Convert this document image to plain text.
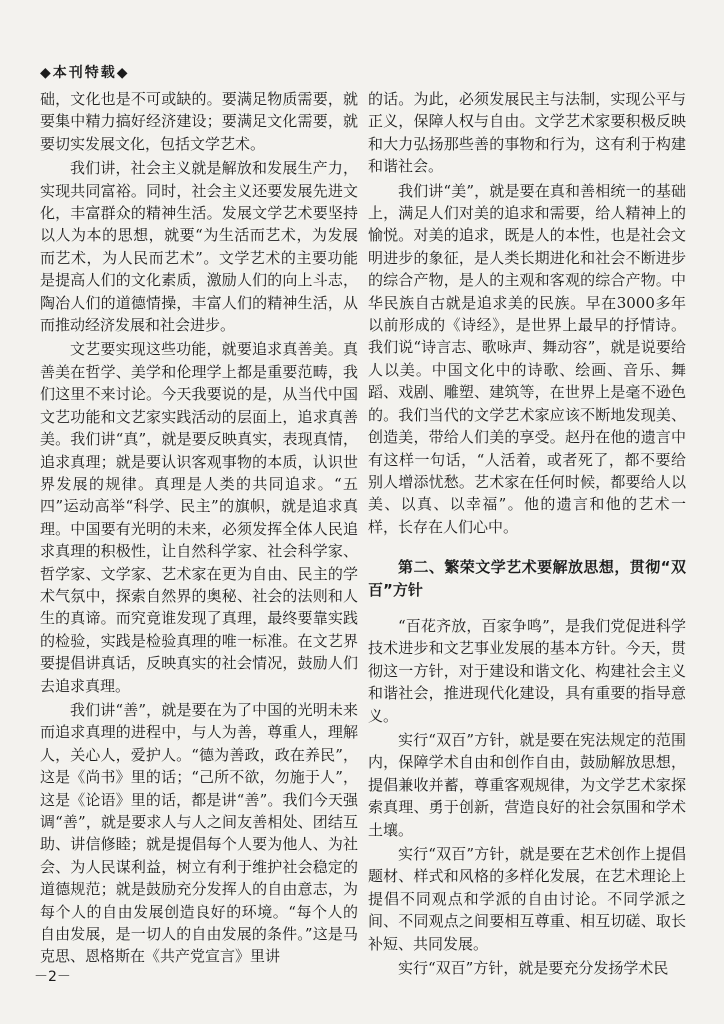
◆本刊特载◆

础，文化也是不可或缺的。要满足物质需要，就要集中精力搞好经济建设；要满足文化需要，就要切实发展文化，包括文学艺术。

我们讲，社会主义就是解放和发展生产力，实现共同富裕。同时，社会主义还要发展先进文化，丰富群众的精神生活。发展文学艺术要坚持以人为本的思想，就要“为生活而艺术，为发展而艺术，为人民而艺术”。文学艺术的主要功能是提高人们的文化素质，激励人们的向上斗志，陶冶人们的道德情操，丰富人们的精神生活，从而推动经济发展和社会进步。

文艺要实现这些功能，就要追求真善美。真善美在哲学、美学和伦理学上都是重要范畴，我们这里不来讨论。今天我要说的是，从当代中国文艺功能和文艺家实践活动的层面上，追求真善美。我们讲“真”，就是要反映真实，表现真情，追求真理；就是要认识客观事物的本质，认识世界发展的规律。真理是人类的共同追求。“五四”运动高举“科学、民主”的旗帜，就是追求真理。中国要有光明的未来，必须发挥全体人民追求真理的积极性，让自然科学家、社会科学家、哲学家、文学家、艺术家在更为自由、民主的学术气氛中，探索自然界的奥秘、社会的法则和人生的真谛。而究竟谁发现了真理，最终要靠实践的检验，实践是检验真理的唯一标准。在文艺界要提倡讲真话，反映真实的社会情况，鼓励人们去追求真理。

我们讲“善”，就是要在为了中国的光明未来而追求真理的进程中，与人为善，尊重人，理解人，关心人，爱护人。“德为善政，政在养民”，这是《尚书》里的话；“己所不欲，勿施于人”，这是《论语》里的话，都是讲“善”。我们今天强调“善”，就是要求人与人之间友善相处、团结互助、讲信修睦；就是提倡每个人要为他人、为社会、为人民谋利益，树立有利于维护社会稳定的道德规范；就是鼓励充分发挥人的自由意志，为每个人的自由发展创造良好的环境。“每个人的自由发展，是一切人的自由发展的条件。”这是马克思、恩格斯在《共产党宣言》里讲

的话。为此，必须发展民主与法制，实现公平与正义，保障人权与自由。文学艺术家要积极反映和大力弘扬那些善的事物和行为，这有利于构建和谐社会。

我们讲“美”，就是要在真和善相统一的基础上，满足人们对美的追求和需要，给人精神上的愉悦。对美的追求，既是人的本性，也是社会文明进步的象征，是人类长期进化和社会不断进步的综合产物，是人的主观和客观的综合产物。中华民族自古就是追求美的民族。早在3000多年以前形成的《诗经》，是世界上最早的抒情诗。我们说“诗言志、歌咏声、舞动容”，就是说要给人以美。中国文化中的诗歌、绘画、音乐、舞蹈、戏剧、雕塑、建筑等，在世界上是毫不逊色的。我们当代的文学艺术家应该不断地发现美、创造美，带给人们美的享受。赵丹在他的遗言中有这样一句话，“人活着，或者死了，都不要给别人增添忧愁。艺术家在任何时候，都要给人以美、以真、以幸福”。他的遗言和他的艺术一样，长存在人们心中。

第二、繁荣文学艺术要解放思想，贯彻“双百”方针

“百花齐放，百家争鸣”，是我们党促进科学技术进步和文艺事业发展的基本方针。今天，贯彻这一方针，对于建设和谐文化、构建社会主义和谐社会，推进现代化建设，具有重要的指导意义。

实行“双百”方针，就是要在宪法规定的范围内，保障学术自由和创作自由，鼓励解放思想，提倡兼收并蓄，尊重客观规律，为文学艺术家探索真理、勇于创新，营造良好的社会氛围和学术土壤。

实行“双百”方针，就是要在艺术创作上提倡题材、样式和风格的多样化发展，在艺术理论上提倡不同观点和学派的自由讨论。不同学派之间、不同观点之间要相互尊重、相互切磋、取长补短、共同发展。

实行“双百”方针，就是要充分发扬学术民

－2－
